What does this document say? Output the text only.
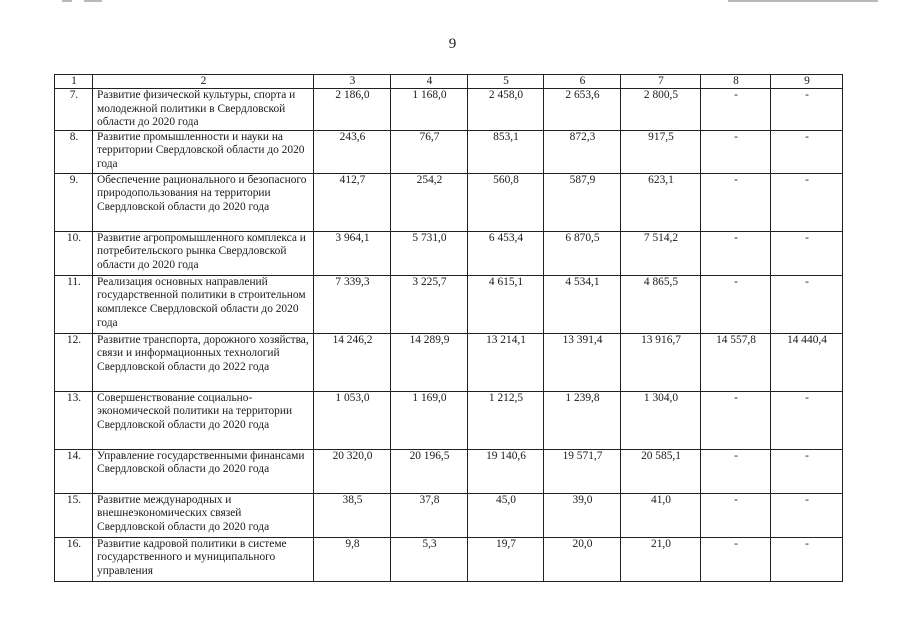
9
1	2	3	4	5	6	7	8	9
7.	Развитие физической культуры, спорта и молодежной политики в Свердловской области до 2020 года	2 186,0	1 168,0	2 458,0	2 653,6	2 800,5	-	-
8.	Развитие промышленности и науки на территории Свердловской области до 2020 года	243,6	76,7	853,1	872,3	917,5	-	-
9.	Обеспечение рационального и безопасного природопользования на территории Свердловской области до 2020 года	412,7	254,2	560,8	587,9	623,1	-	-
10.	Развитие агропромышленного комплекса и потребительского рынка Свердловской области до 2020 года	3 964,1	5 731,0	6 453,4	6 870,5	7 514,2	-	-
11.	Реализация основных направлений государственной политики в строительном комплексе Свердловской области до 2020 года	7 339,3	3 225,7	4 615,1	4 534,1	4 865,5	-	-
12.	Развитие транспорта, дорожного хозяйства, связи и информационных технологий Свердловской области до 2022 года	14 246,2	14 289,9	13 214,1	13 391,4	13 916,7	14 557,8	14 440,4
13.	Совершенствование социально-экономической политики на территории Свердловской области до 2020 года	1 053,0	1 169,0	1 212,5	1 239,8	1 304,0	-	-
14.	Управление государственными финансами Свердловской области до 2020 года	20 320,0	20 196,5	19 140,6	19 571,7	20 585,1	-	-
15.	Развитие международных и внешнеэкономических связей Свердловской области до 2020 года	38,5	37,8	45,0	39,0	41,0	-	-
16.	Развитие кадровой политики в системе государственного и муниципального управления	9,8	5,3	19,7	20,0	21,0	-	-
